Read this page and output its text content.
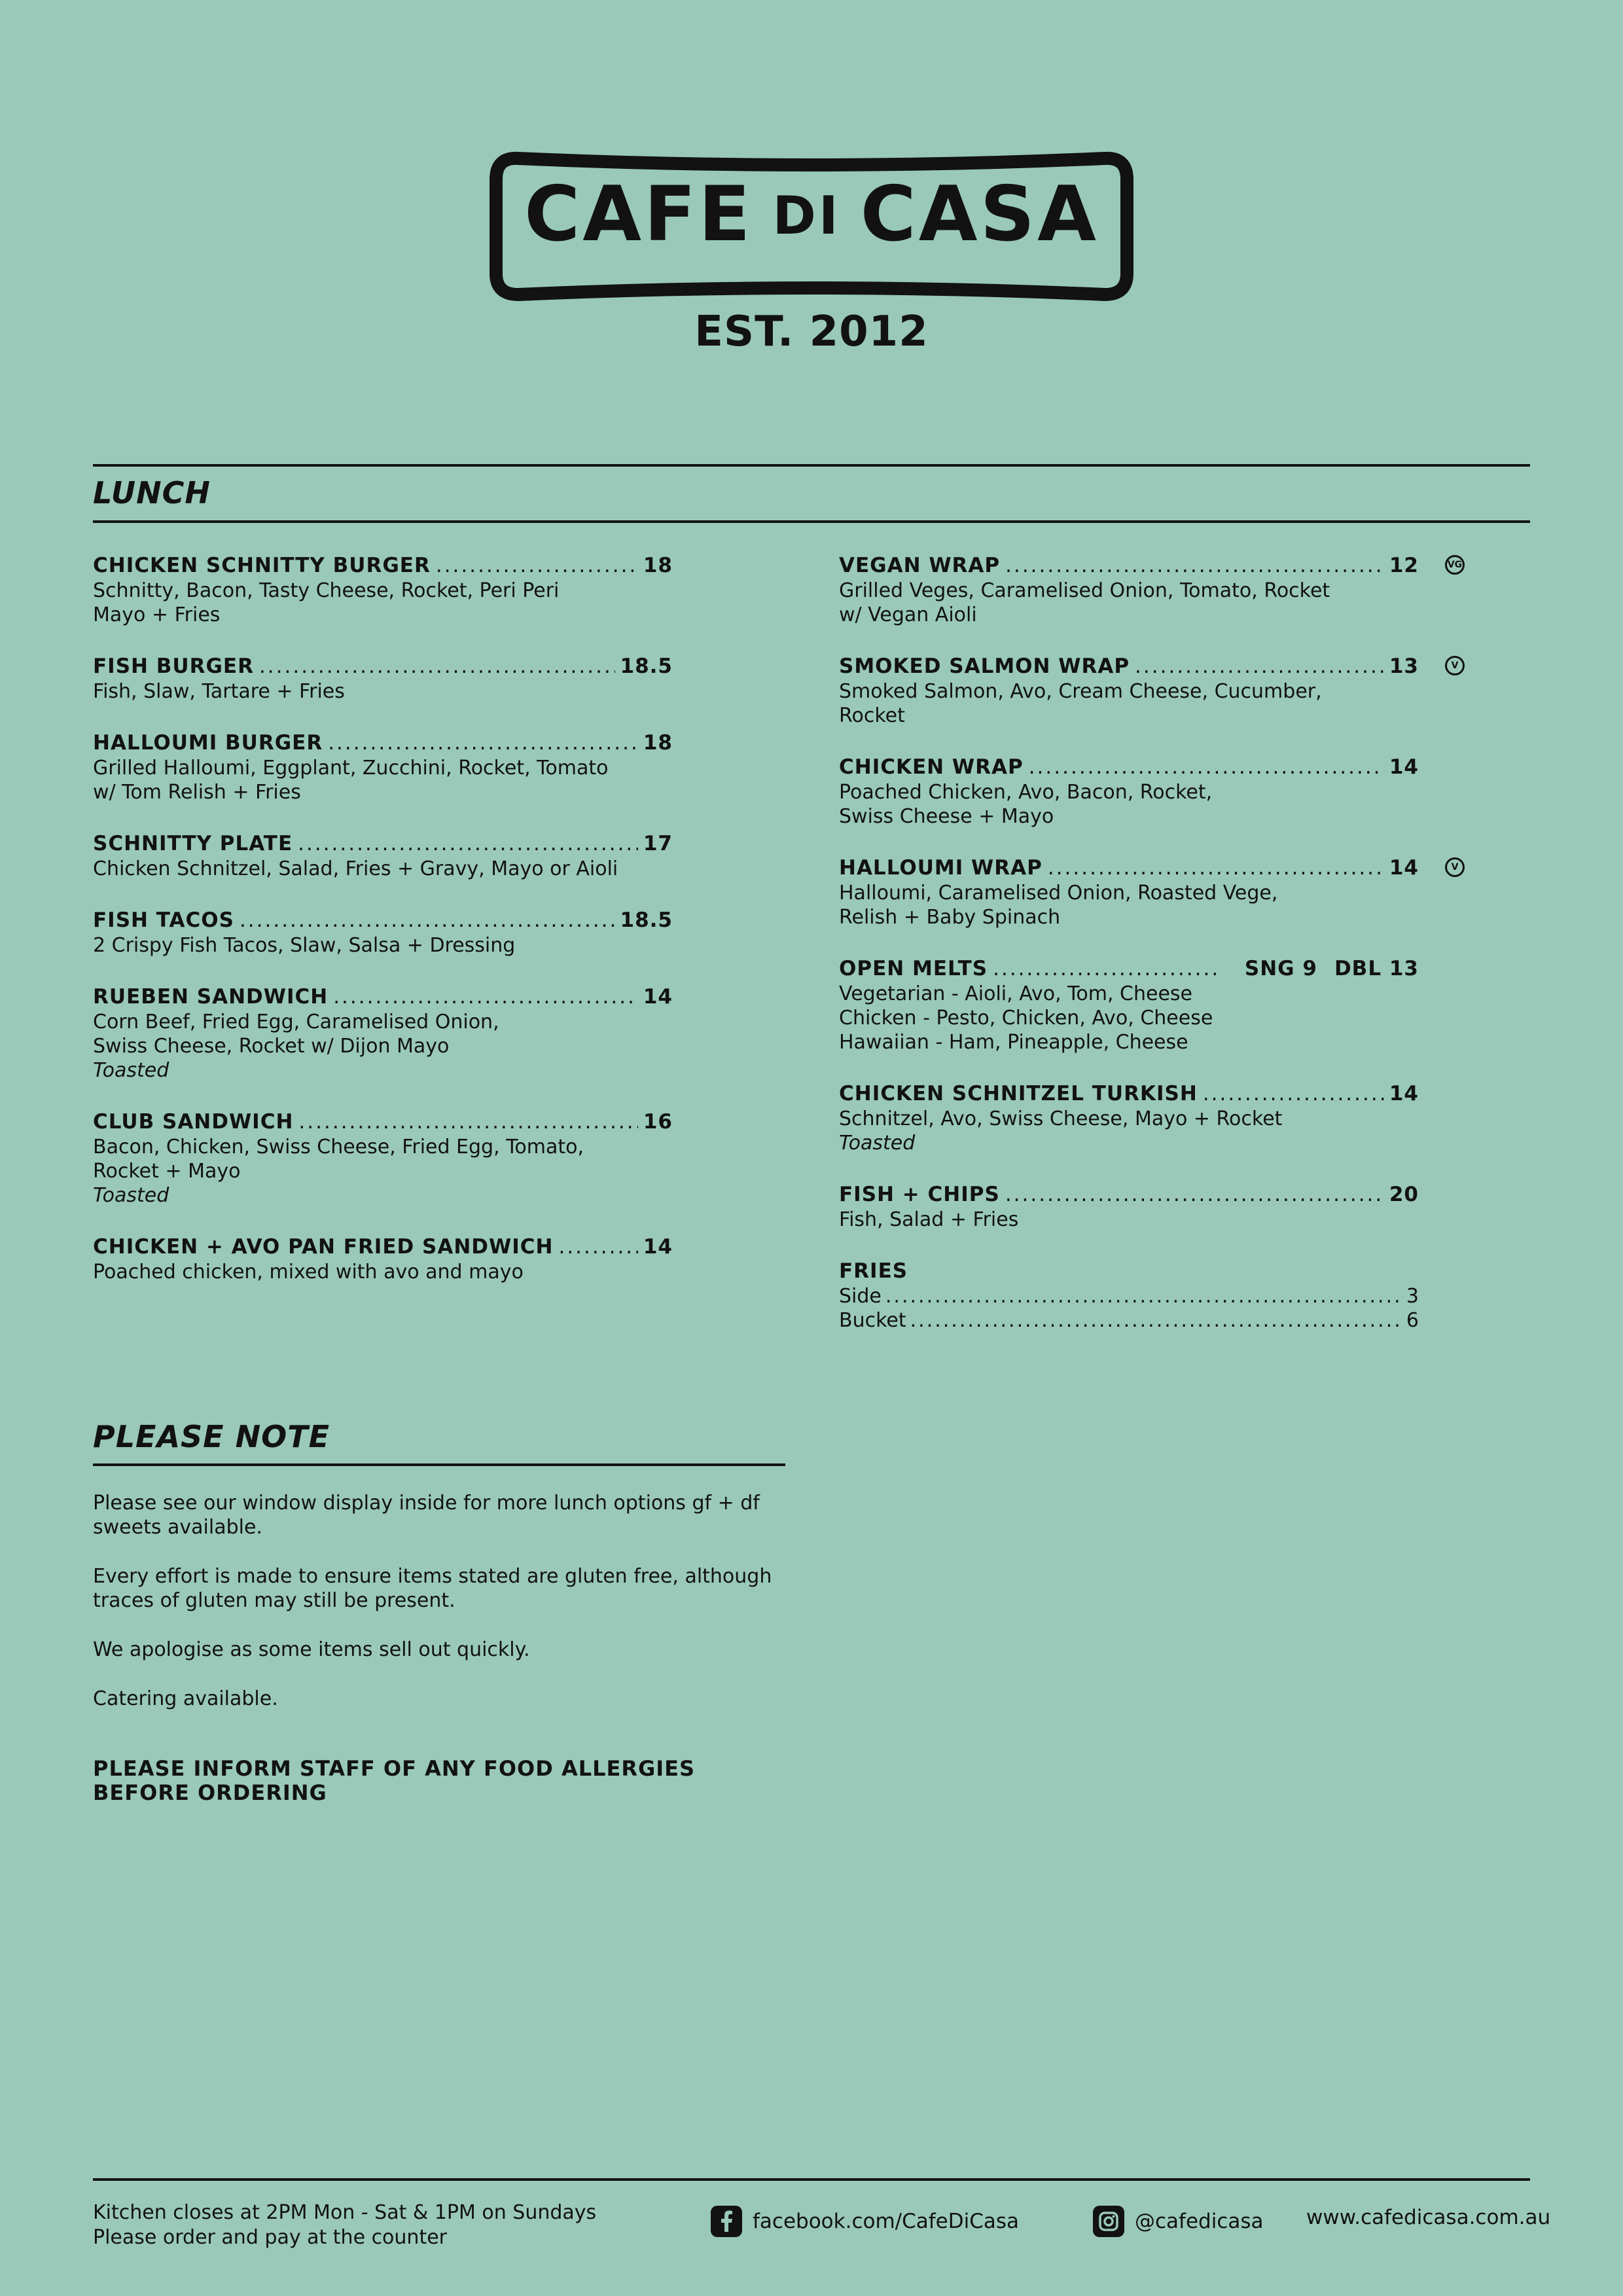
CAFE DI CASA
EST. 2012
LUNCH
CHICKEN SCHNITTY BURGER .....	18
Schnitty, Bacon, Tasty Cheese, Rocket, Peri Peri
Mayo + Fries
FISH BURGER .....	18.5
Fish, Slaw, Tartare + Fries
HALLOUMI BURGER .....	18
Grilled Halloumi, Eggplant, Zucchini, Rocket, Tomato
w/ Tom Relish + Fries
SCHNITTY PLATE .....	17
Chicken Schnitzel, Salad, Fries + Gravy, Mayo or Aioli
FISH TACOS .....	18.5
2 Crispy Fish Tacos, Slaw, Salsa + Dressing
RUEBEN SANDWICH .....	14
Corn Beef, Fried Egg, Caramelised Onion,
Swiss Cheese, Rocket w/ Dijon Mayo
Toasted
CLUB SANDWICH .....	16
Bacon, Chicken, Swiss Cheese, Fried Egg, Tomato,
Rocket + Mayo
Toasted
CHICKEN + AVO PAN FRIED SANDWICH .....	14
Poached chicken, mixed with avo and mayo
VEGAN WRAP .....	12	VG
Grilled Veges, Caramelised Onion, Tomato, Rocket
w/ Vegan Aioli
SMOKED SALMON WRAP .....	13	V
Smoked Salmon, Avo, Cream Cheese, Cucumber,
Rocket
CHICKEN WRAP .....	14
Poached Chicken, Avo, Bacon, Rocket,
Swiss Cheese + Mayo
HALLOUMI WRAP .....	14	V
Halloumi, Caramelised Onion, Roasted Vege,
Relish + Baby Spinach
OPEN MELTS .....	SNG 9 DBL 13
Vegetarian - Aioli, Avo, Tom, Cheese
Chicken - Pesto, Chicken, Avo, Cheese
Hawaiian - Ham, Pineapple, Cheese
CHICKEN SCHNITZEL TURKISH .....	14
Schnitzel, Avo, Swiss Cheese, Mayo + Rocket
Toasted
FISH + CHIPS .....	20
Fish, Salad + Fries
FRIES
Side .....	3
Bucket .....	6
PLEASE NOTE

Please see our window display inside for more lunch options gf + df sweets available.

Every effort is made to ensure items stated are gluten free, although traces of gluten may still be present.

We apologise as some items sell out quickly.

Catering available.

PLEASE INFORM STAFF OF ANY FOOD ALLERGIES BEFORE ORDERING

Kitchen closes at 2PM Mon - Sat & 1PM on Sundays
Please order and pay at the counter
facebook.com/CafeDiCasa	@cafedicasa www.cafedicasa.com.au
